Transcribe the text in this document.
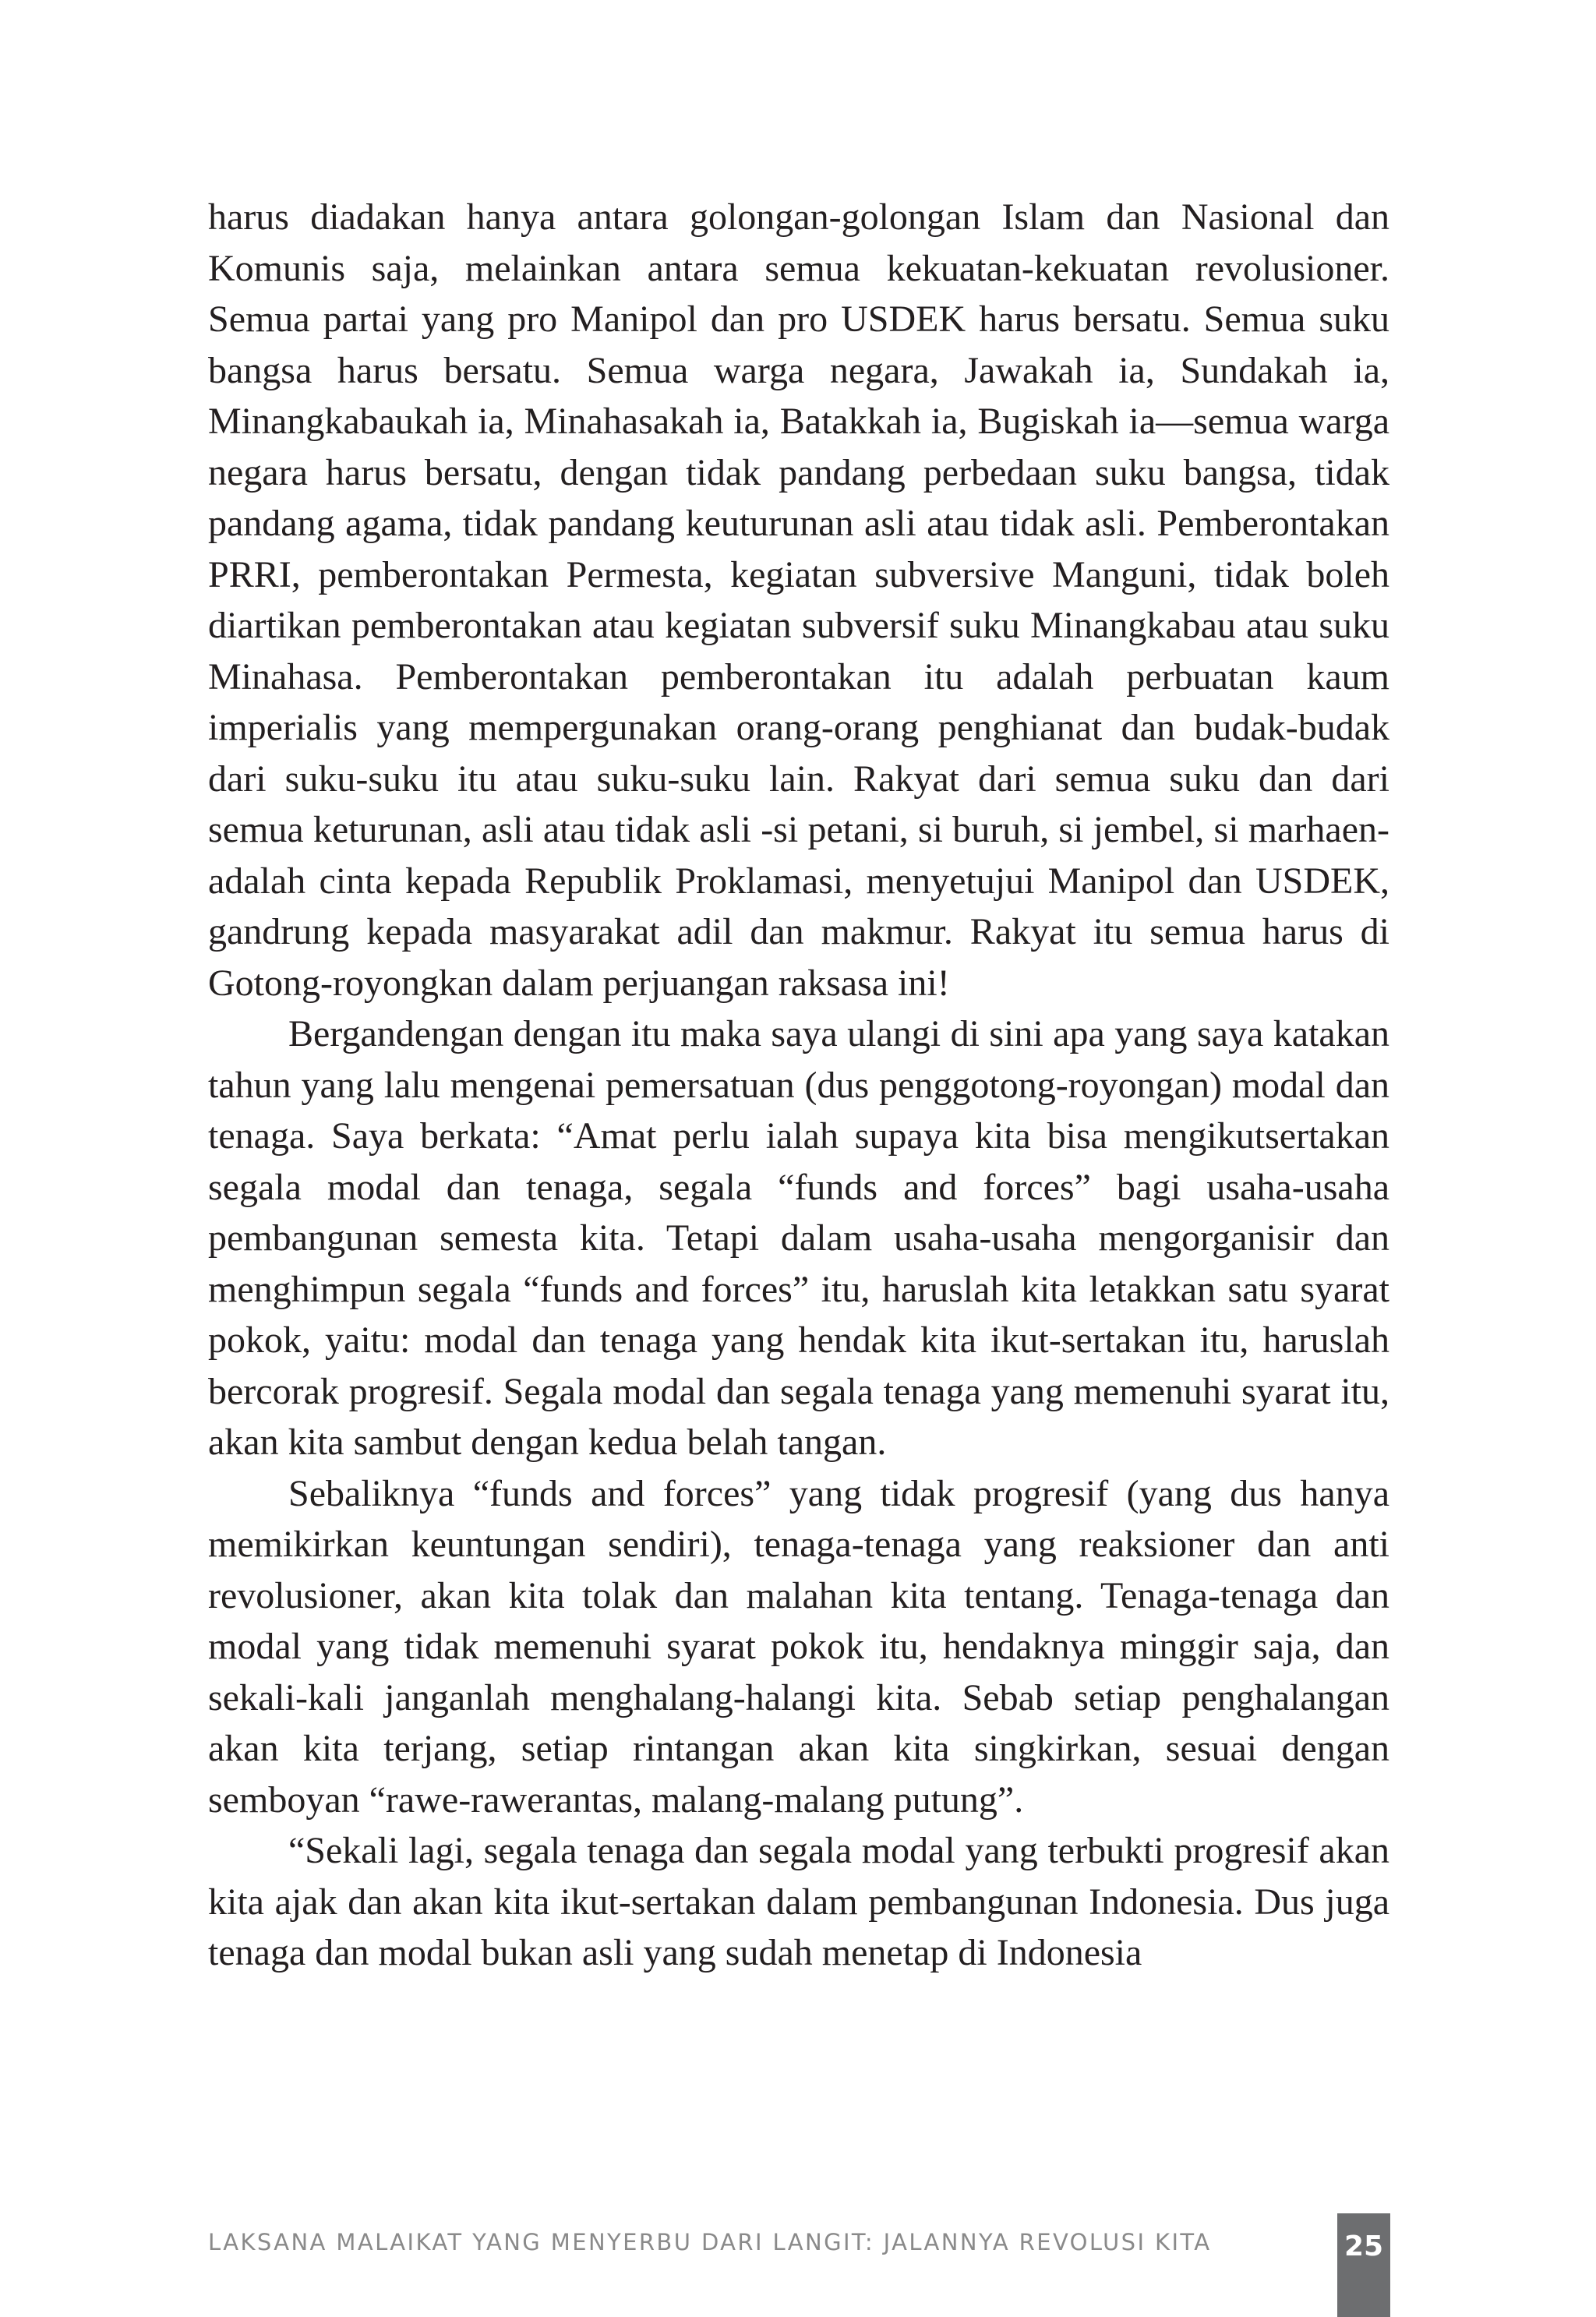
harus diadakan hanya antara golongan-golongan Islam dan Nasional dan Komunis saja, melainkan antara semua kekuatan-kekuatan revolusioner. Semua partai yang pro Manipol dan pro USDEK harus bersatu. Semua suku bangsa harus bersatu. Semua warga negara, Jawakah ia, Sundakah ia, Minangkabaukah ia, Minahasakah ia, Batakkah ia, Bugiskah ia—semua warga negara harus bersatu, dengan tidak pandang perbedaan suku bangsa, tidak pandang agama, tidak pandang keuturunan asli atau tidak asli. Pemberontakan PRRI, pemberontakan Permesta, kegiatan subversive Manguni, tidak boleh diartikan pemberontakan atau kegiatan subversif suku Minangkabau atau suku Minahasa. Pemberontakan pemberontakan itu adalah perbuatan kaum imperialis yang mempergunakan orang-orang penghianat dan budak-budak dari suku-suku itu atau suku-suku lain. Rakyat dari semua suku dan dari semua keturunan, asli atau tidak asli -si petani, si buruh, si jembel, si marhaen- adalah cinta kepada Republik Proklamasi, menyetujui Manipol dan USDEK, gandrung kepada masyarakat adil dan makmur. Rakyat itu semua harus di Gotong-royongkan dalam perjuangan raksasa ini!

Bergandengan dengan itu maka saya ulangi di sini apa yang saya katakan tahun yang lalu mengenai pemersatuan (dus penggotong-royongan) modal dan tenaga. Saya berkata: “Amat perlu ialah supaya kita bisa mengikutsertakan segala modal dan tenaga, segala “funds and forces” bagi usaha-usaha pembangunan semesta kita. Tetapi dalam usaha-usaha mengorganisir dan menghimpun segala “funds and forces” itu, haruslah kita letakkan satu syarat pokok, yaitu: modal dan tenaga yang hendak kita ikut-sertakan itu, haruslah bercorak progresif. Segala modal dan segala tenaga yang memenuhi syarat itu, akan kita sambut dengan kedua belah tangan.

Sebaliknya “funds and forces” yang tidak progresif (yang dus hanya memikirkan keuntungan sendiri), tenaga-tenaga yang reaksioner dan anti revolusioner, akan kita tolak dan malahan kita tentang. Tenaga-tenaga dan modal yang tidak memenuhi syarat pokok itu, hendaknya minggir saja, dan sekali-kali janganlah menghalang-halangi kita. Sebab setiap penghalangan akan kita terjang, setiap rintangan akan kita singkirkan, sesuai dengan semboyan “rawe-rawerantas, malang-malang putung”.

“Sekali lagi, segala tenaga dan segala modal yang terbukti progresif akan kita ajak dan akan kita ikut-sertakan dalam pembangunan Indonesia. Dus juga tenaga dan modal bukan asli yang sudah menetap di Indonesia

LAKSANA MALAIKAT YANG MENYERBU DARI LANGIT: JALANNYA REVOLUSI KITA	25
